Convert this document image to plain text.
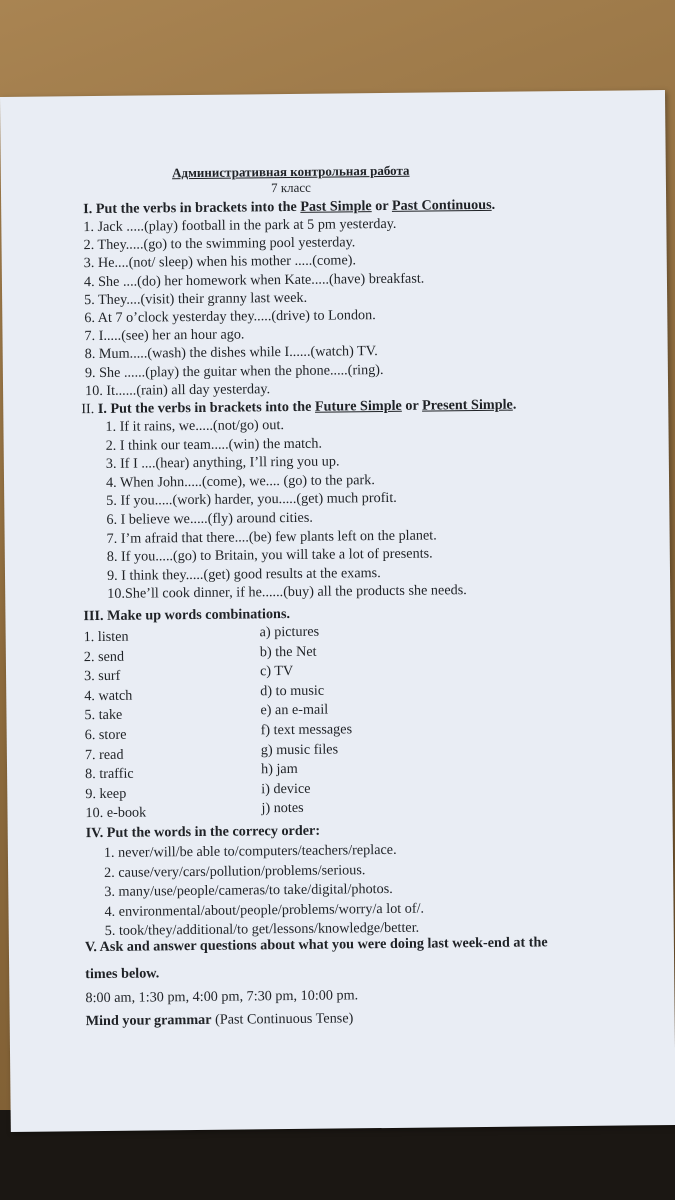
Административная контрольная работа
7 класс
I. Put the verbs in brackets into the Past Simple or Past Continuous.
1. Jack .....(play) football in the park at 5 pm yesterday.
2. They.....(go) to the swimming pool yesterday.
3. He....(not/ sleep) when his mother .....(come).
4. She ....(do) her homework when Kate.....(have) breakfast.
5. They....(visit) their granny last week.
6. At 7 o’clock yesterday they.....(drive) to London.
7. I.....(see) her an hour ago.
8. Mum.....(wash) the dishes while I......(watch) TV.
9. She ......(play) the guitar when the phone.....(ring).
10. It......(rain) all day yesterday.
II. I. Put the verbs in brackets into the Future Simple or Present Simple.
1. If it rains, we.....(not/go) out.
2. I think our team.....(win) the match.
3. If I ....(hear) anything, I’ll ring you up.
4. When John.....(come), we.... (go) to the park.
5. If you.....(work) harder, you.....(get) much profit.
6. I believe we.....(fly) around cities.
7. I’m afraid that there....(be) few plants left on the planet.
8. If you.....(go) to Britain, you will take a lot of presents.
9. I think they.....(get) good results at the exams.
10.She’ll cook dinner, if he......(buy) all the products she needs.
III. Make up words combinations.
1. listen	a) pictures
2. send	b) the Net
3. surf	c) TV
4. watch	d) to music
5. take	e) an e-mail
6. store	f) text messages
7. read	g) music files
8. traffic	h) jam
9. keep	i) device
10. e-book	j) notes
IV. Put the words in the correcy order:
1. never/will/be able to/computers/teachers/replace.
2. cause/very/cars/pollution/problems/serious.
3. many/use/people/cameras/to take/digital/photos.
4. environmental/about/people/problems/worry/a lot of/.
5. took/they/additional/to get/lessons/knowledge/better.
V. Ask and answer questions about what you were doing last week-end at the
times below.
8:00 am, 1:30 pm, 4:00 pm, 7:30 pm, 10:00 pm.
Mind your grammar (Past Continuous Tense)
